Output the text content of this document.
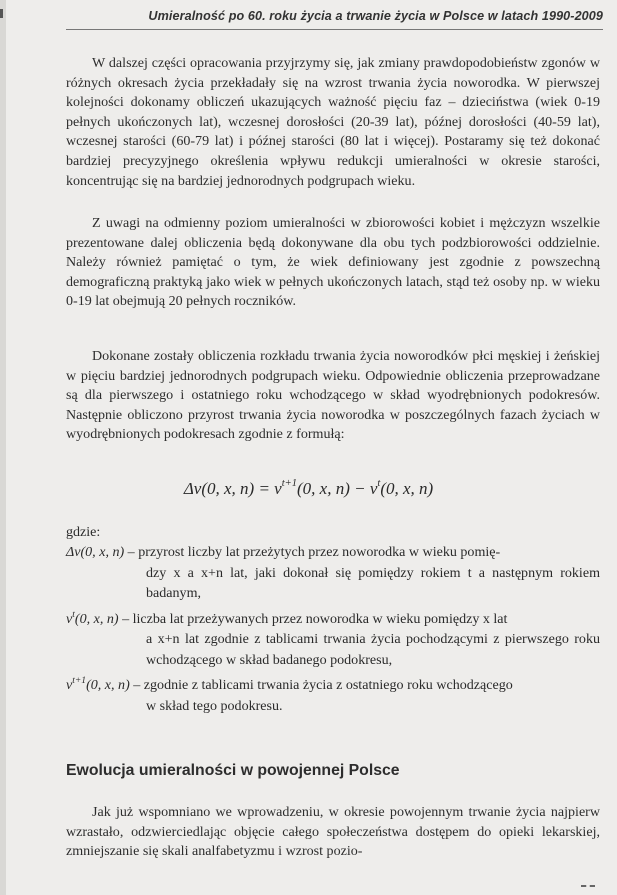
Umieralność po 60. roku życia a trwanie życia w Polsce w latach 1990-2009

W dalszej części opracowania przyjrzymy się, jak zmiany prawdopodobieństw zgonów w różnych okresach życia przekładały się na wzrost trwania życia noworodka. W pierwszej kolejności dokonamy obliczeń ukazujących ważność pięciu faz – dzieciństwa (wiek 0-19 pełnych ukończonych lat), wczesnej dorosłości (20-39 lat), późnej dorosłości (40-59 lat), wczesnej starości (60-79 lat) i późnej starości (80 lat i więcej). Postaramy się też dokonać bardziej precyzyjnego określenia wpływu redukcji umieralności w okresie starości, koncentrując się na bardziej jednorodnych podgrupach wieku.

Z uwagi na odmienny poziom umieralności w zbiorowości kobiet i mężczyzn wszelkie prezentowane dalej obliczenia będą dokonywane dla obu tych podzbiorowości oddzielnie. Należy również pamiętać o tym, że wiek definiowany jest zgodnie z powszechną demograficzną praktyką jako wiek w pełnych ukończonych latach, stąd też osoby np. w wieku 0-19 lat obejmują 20 pełnych roczników.

Dokonane zostały obliczenia rozkładu trwania życia noworodków płci męskiej i żeńskiej w pięciu bardziej jednorodnych podgrupach wieku. Odpowiednie obliczenia przeprowadzane są dla pierwszego i ostatniego roku wchodzącego w skład wyodrębnionych podokresów. Następnie obliczono przyrost trwania życia noworodka w poszczególnych fazach życiach w wyodrębnionych podokresach zgodnie z formułą:

Δv(0, x, $n) = v^{t+1}(0$, x, $n) - v^t(0$, x, n)
gdzie:
Δv(0, x, n) – przyrost liczby lat przeżytych przez noworodka w wieku pomię-
dzy x a x+n lat, jaki dokonał się pomiędzy rokiem t a następnym rokiem badanym,
$v^t(0$, x, n) – liczba lat przeżywanych przez noworodka w wieku pomiędzy x lat
a x+n lat zgodnie z tablicami trwania życia pochodzącymi z pierwszego roku wchodzącego w skład badanego podokresu,
$v^{t+1}(0$, x, n) – zgodnie z tablicami trwania życia z ostatniego roku wchodzącego
w skład tego podokresu.
Ewolucja umieralności w powojennej Polsce

Jak już wspomniano we wprowadzeniu, w okresie powojennym trwanie życia najpierw wzrastało, odzwierciedlając objęcie całego społeczeństwa dostępem do opieki lekarskiej, zmniejszanie się skali analfabetyzmu i wzrost pozio-
